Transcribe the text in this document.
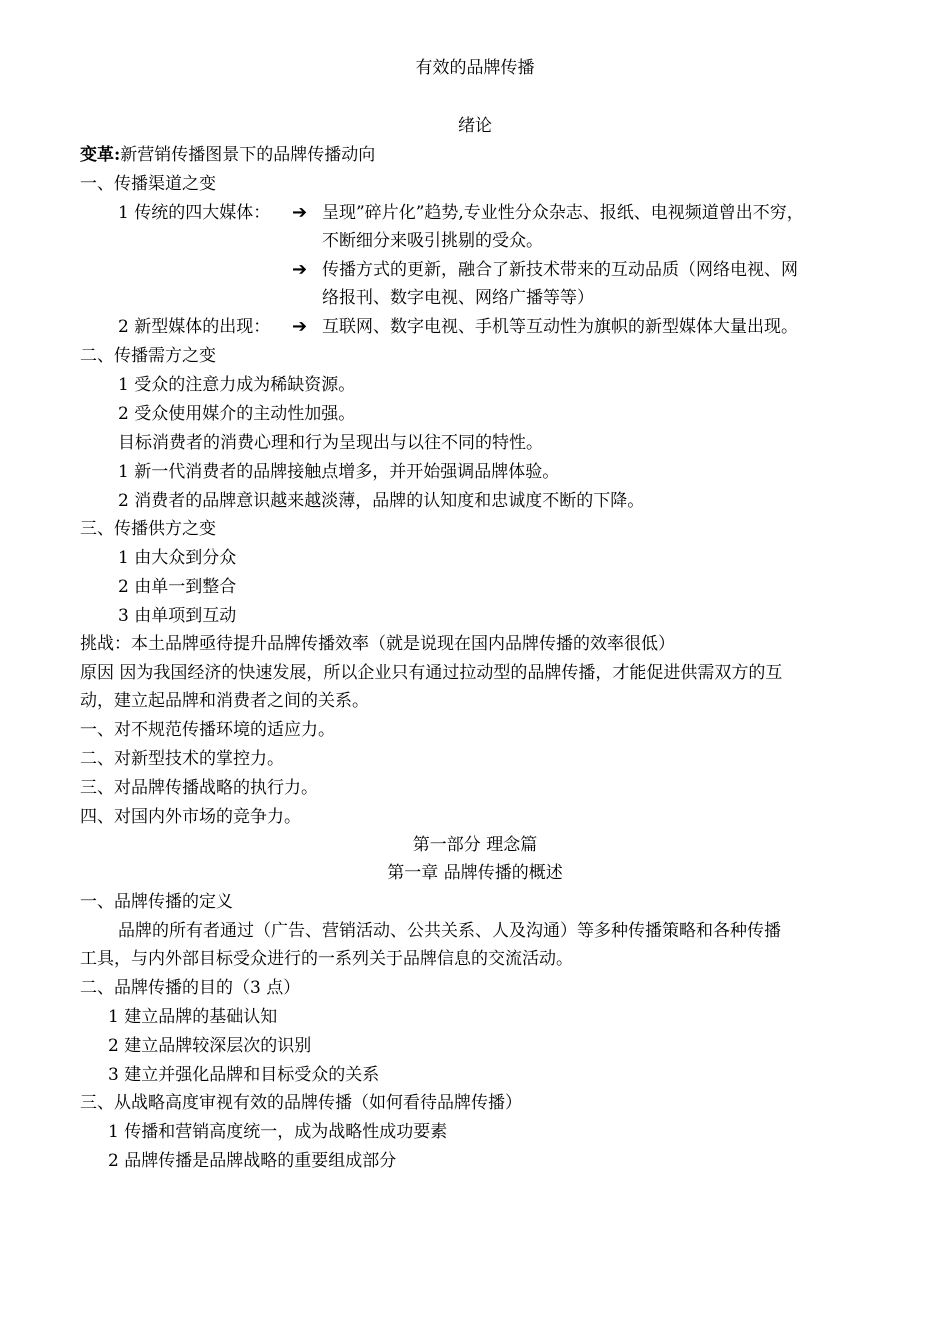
有效的品牌传播
绪论
变革:新营销传播图景下的品牌传播动向
一、传播渠道之变
1 传统的四大媒体： ➔ 呈现”碎片化”趋势,专业性分众杂志、报纸、电视频道曾出不穷，
不断细分来吸引挑剔的受众。
➔ 传播方式的更新，融合了新技术带来的互动品质（网络电视、网
络报刊、数字电视、网络广播等等）
2 新型媒体的出现： ➔ 互联网、数字电视、手机等互动性为旗帜的新型媒体大量出现。
二、传播需方之变
1 受众的注意力成为稀缺资源。
2 受众使用媒介的主动性加强。
目标消费者的消费心理和行为呈现出与以往不同的特性。
1 新一代消费者的品牌接触点增多，并开始强调品牌体验。
2 消费者的品牌意识越来越淡薄，品牌的认知度和忠诚度不断的下降。
三、传播供方之变
1 由大众到分众
2 由单一到整合
3 由单项到互动
挑战：本土品牌亟待提升品牌传播效率（就是说现在国内品牌传播的效率很低）
原因 因为我国经济的快速发展，所以企业只有通过拉动型的品牌传播，才能促进供需双方的互
动，建立起品牌和消费者之间的关系。
一、对不规范传播环境的适应力。
二、对新型技术的掌控力。
三、对品牌传播战略的执行力。
四、对国内外市场的竞争力。
第一部分 理念篇
第一章 品牌传播的概述
一、品牌传播的定义
品牌的所有者通过（广告、营销活动、公共关系、人及沟通）等多种传播策略和各种传播
工具，与内外部目标受众进行的一系列关于品牌信息的交流活动。
二、品牌传播的目的（3 点）
1 建立品牌的基础认知
2 建立品牌较深层次的识别
3 建立并强化品牌和目标受众的关系
三、从战略高度审视有效的品牌传播（如何看待品牌传播）
1 传播和营销高度统一，成为战略性成功要素
2 品牌传播是品牌战略的重要组成部分
